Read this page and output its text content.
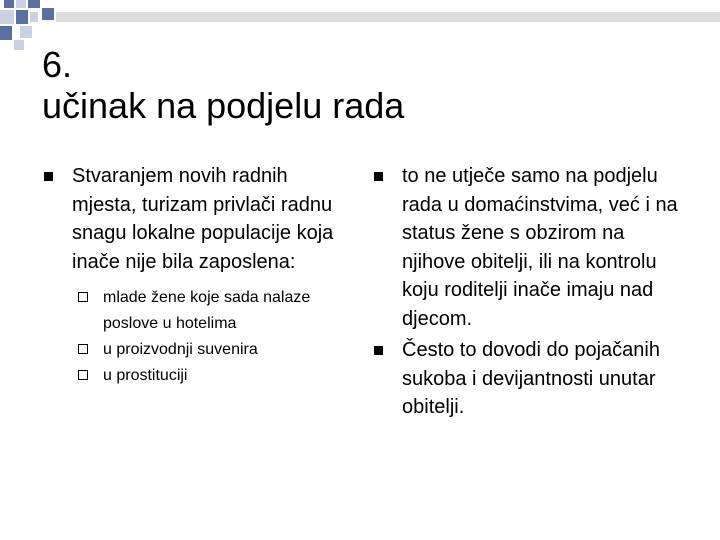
6.
učinak na podjelu rada
Stvaranjem novih radnih mjesta, turizam privlači radnu snagu lokalne populacije koja inače nije bila zaposlena:
mlade žene koje sada nalaze poslove u hotelima
u proizvodnji suvenira
u prostituciji
to ne utječe samo na podjelu rada u domaćinstvima, već i na status žene s obzirom na njihove obitelji, ili na kontrolu koju roditelji inače imaju nad djecom.
Često to dovodi do pojačanih sukoba i devijantnosti unutar obitelji.
